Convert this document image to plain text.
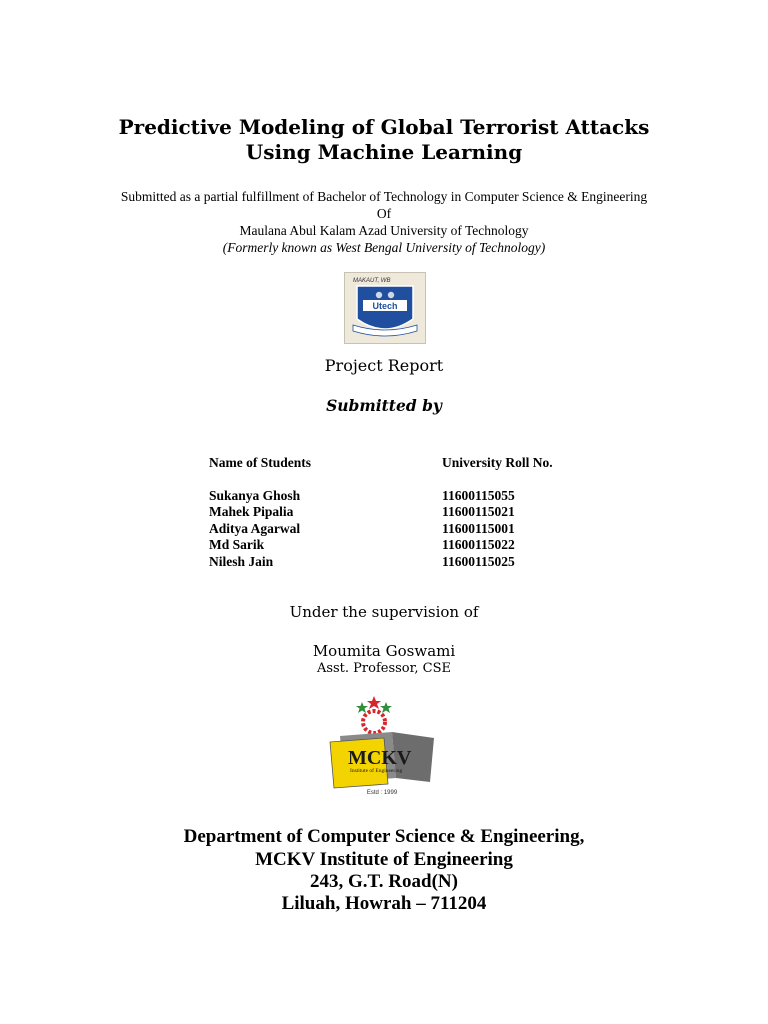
Predictive Modeling of Global Terrorist Attacks
Using Machine Learning
Submitted as a partial fulfillment of Bachelor of Technology in Computer Science & Engineering
Of
Maulana Abul Kalam Azad University of Technology
(Formerly known as West Bengal University of Technology)
MAKAUT, WB
Utech
Project Report
Submitted by
Name of Students	University Roll No.
Sukanya Ghosh	11600115055
Mahek Pipalia	11600115021
Aditya Agarwal	11600115001
Md Sarik	11600115022
Nilesh Jain	11600115025
Under the supervision of
Moumita Goswami
Asst. Professor, CSE
MCKV
Institute of Engineering
Estd : 1999
Department of Computer Science & Engineering,
MCKV Institute of Engineering
243, G.T. Road(N)
Liluah, Howrah – 711204
